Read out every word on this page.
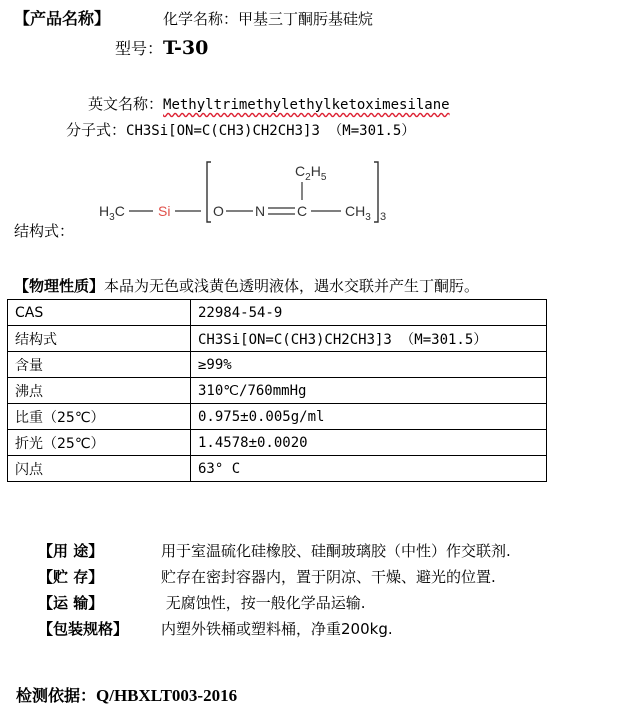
【产品名称】	化学名称：甲基三丁酮肟基硅烷
型号：T-30
英文名称：Methyltrimethylethylketoximesilane
分子式：CH3Si[ON=C(CH3)CH2CH3]3 （M=301.5）
结构式：
$H_3C$ Si	O N C
$C_2H_5$
$CH_3$ 3
【物理性质】本品为无色或浅黄色透明液体，遇水交联并产生丁酮肟。
CAS	22984-54-9
结构式	CH3Si[ON=C(CH3)CH2CH3]3 （M=301.5）
含量	≥99%
沸点	310℃/760mmHg
比重（25℃）	0.975±0.005g/ml
折光（25℃）	1.4578±0.0020
闪点	63° C
【用 途】	用于室温硫化硅橡胶、硅酮玻璃胶（中性）作交联剂.
【贮 存】	贮存在密封容器内，置于阴凉、干燥、避光的位置.
【运 输】	无腐蚀性，按一般化学品运输.
【包装规格】 内塑外铁桶或塑料桶，净重200kg.
检测依据：Q/HBXLT003-2016
